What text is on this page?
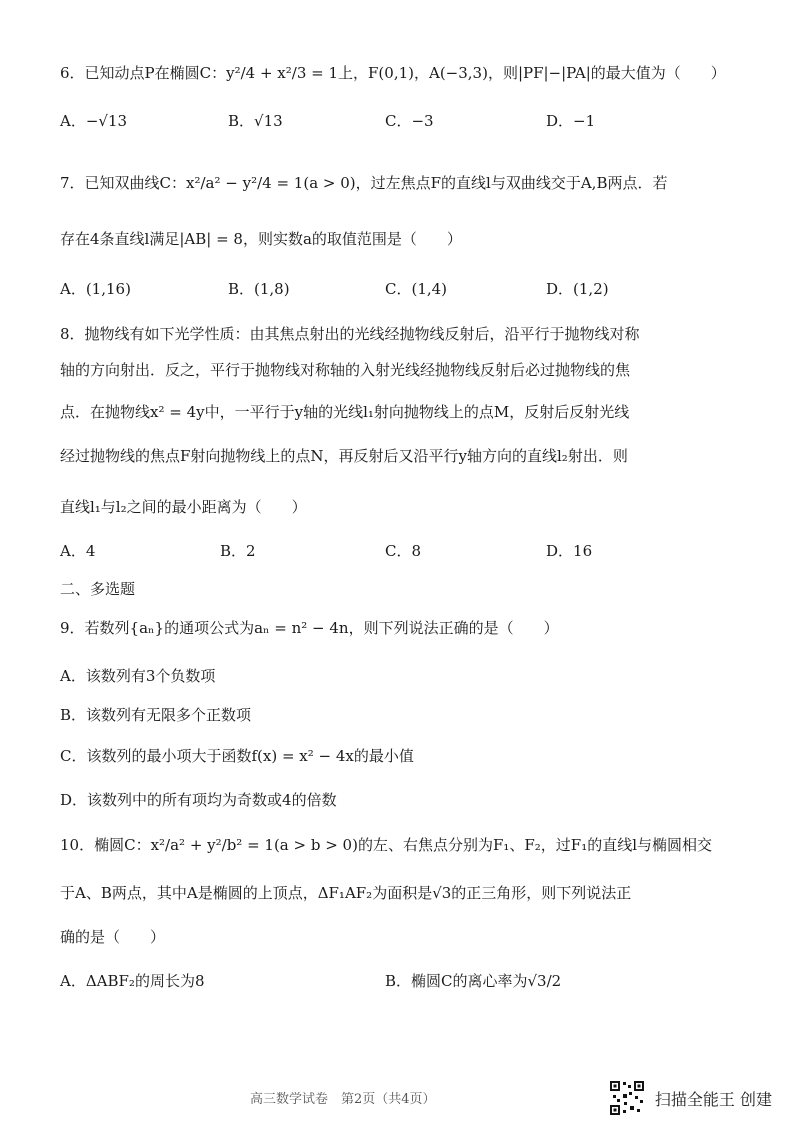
6．已知动点P在椭圆C：y²/4 + x²/3 = 1上，F(0,1)，A(−3,3)，则|PF|−|PA|的最大值为（　　）
A．−√13	B．√13	C．−3	D．−1
7．已知双曲线C：x²/a² − y²/4 = 1(a > 0)，过左焦点F的直线l与双曲线交于A,B两点．若
存在4条直线l满足|AB| = 8，则实数a的取值范围是（　　）
A．(1,16)	B．(1,8)	C．(1,4)	D．(1,2)
8．抛物线有如下光学性质：由其焦点射出的光线经抛物线反射后，沿平行于抛物线对称
轴的方向射出．反之，平行于抛物线对称轴的入射光线经抛物线反射后必过抛物线的焦
点．在抛物线x² = 4y中，一平行于y轴的光线l₁射向抛物线上的点M，反射后反射光线
经过抛物线的焦点F射向抛物线上的点N，再反射后又沿平行y轴方向的直线l₂射出．则
直线l₁与l₂之间的最小距离为（　　）
A．4	B．2	C．8	D．16
二、多选题
9．若数列{aₙ}的通项公式为aₙ = n² − 4n，则下列说法正确的是（　　）
A．该数列有3个负数项
B．该数列有无限多个正数项
C．该数列的最小项大于函数f(x) = x² − 4x的最小值
D．该数列中的所有项均为奇数或4的倍数
10．椭圆C：x²/a² + y²/b² = 1(a > b > 0)的左、右焦点分别为F₁、F₂，过F₁的直线l与椭圆相交
于A、B两点，其中A是椭圆的上顶点，ΔF₁AF₂为面积是√3的正三角形，则下列说法正
确的是（　　）
A．ΔABF₂的周长为8	B．椭圆C的离心率为√3/2
高三数学试卷　第2页（共4页）	扫描全能王 创建
